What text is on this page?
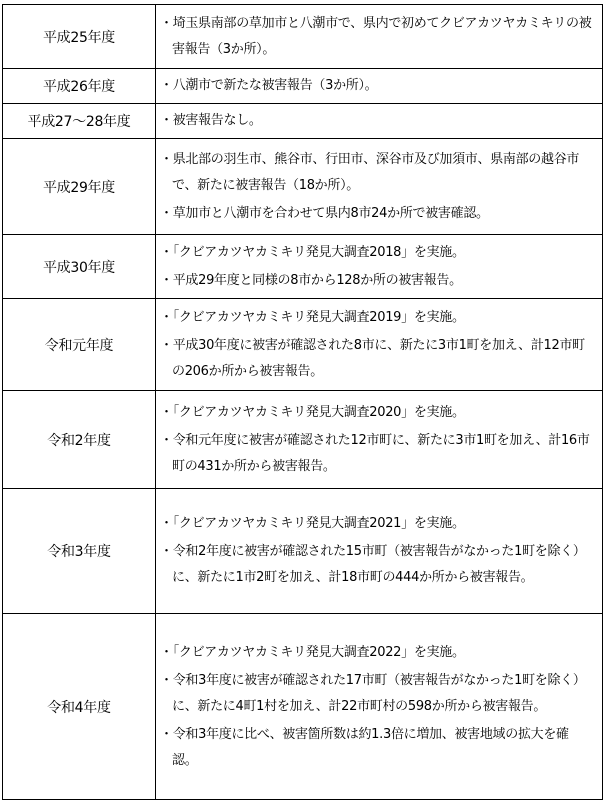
平成25年度	・埼玉県南部の草加市と八潮市で、県内で初めてクビアカツヤカミキリの被害報告（3か所）。

平成26年度	・八潮市で新たな被害報告（3か所）。

平成27～28年度	・被害報告なし。

平成29年度	・県北部の羽生市、熊谷市、行田市、深谷市及び加須市、県南部の越谷市で、新たに被害報告（18か所）。
・草加市と八潮市を合わせて県内8市24か所で被害確認。

平成30年度	・「クビアカツヤカミキリ発見大調査2018」を実施。
・平成29年度と同様の8市から128か所の被害報告。

令和元年度	・「クビアカツヤカミキリ発見大調査2019」を実施。
・平成30年度に被害が確認された8市に、新たに3市1町を加え、計12市町の206か所から被害報告。

令和2年度	・「クビアカツヤカミキリ発見大調査2020」を実施。
・令和元年度に被害が確認された12市町に、新たに3市1町を加え、計16市町の431か所から被害報告。

令和3年度	・「クビアカツヤカミキリ発見大調査2021」を実施。
・令和2年度に被害が確認された15市町（被害報告がなかった1町を除く）に、新たに1市2町を加え、計18市町の444か所から被害報告。

令和4年度	・「クビアカツヤカミキリ発見大調査2022」を実施。
・令和3年度に被害が確認された17市町（被害報告がなかった1町を除く）に、新たに4町1村を加え、計22市町村の598か所から被害報告。
・令和3年度に比べ、被害箇所数は約1.3倍に増加、被害地域の拡大を確認。
